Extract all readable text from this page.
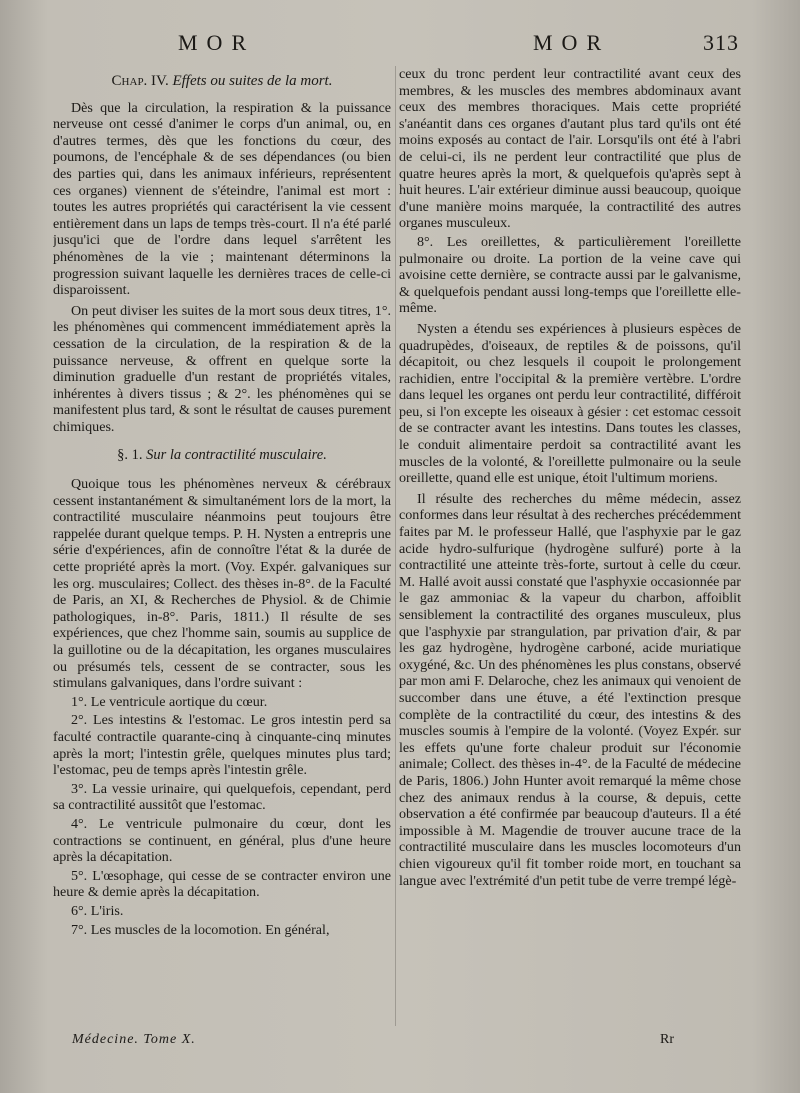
MOR	MOR	313
Chap. IV. Effets ou suites de la mort.

Dès que la circulation, la respiration & la puissance nerveuse ont cessé d'animer le corps d'un animal, ou, en d'autres termes, dès que les fonctions du cœur, des poumons, de l'encéphale & de ses dépendances (ou bien des parties qui, dans les animaux inférieurs, représentent ces organes) viennent de s'éteindre, l'animal est mort : toutes les autres propriétés qui caractérisent la vie cessent entièrement dans un laps de temps très-court. Il n'a été parlé jusqu'ici que de l'ordre dans lequel s'arrêtent les phénomènes de la vie ; maintenant déterminons la progression suivant laquelle les dernières traces de celle-ci disparoissent.

On peut diviser les suites de la mort sous deux titres, 1°. les phénomènes qui commencent immédiatement après la cessation de la circulation, de la respiration & de la puissance nerveuse, & offrent en quelque sorte la diminution graduelle d'un restant de propriétés vitales, inhérentes à divers tissus ; & 2°. les phénomènes qui se manifestent plus tard, & sont le résultat de causes purement chimiques.

§. 1. Sur la contractilité musculaire.

Quoique tous les phénomènes nerveux & cérébraux cessent instantanément & simultanément lors de la mort, la contractilité musculaire néanmoins peut toujours être rappelée durant quelque temps. P. H. Nysten a entrepris une série d'expériences, afin de connoître l'état & la durée de cette propriété après la mort. (Voy. Expér. galvaniques sur les org. musculaires; Collect. des thèses in-8°. de la Faculté de Paris, an XI, & Recherches de Physiol. & de Chimie pathologiques, in-8°. Paris, 1811.) Il résulte de ses expériences, que chez l'homme sain, soumis au supplice de la guillotine ou de la décapitation, les organes musculaires ou présumés tels, cessent de se contracter, sous les stimulans galvaniques, dans l'ordre suivant :

1°. Le ventricule aortique du cœur.

2°. Les intestins & l'estomac. Le gros intestin perd sa faculté contractile quarante-cinq à cinquante-cinq minutes après la mort; l'intestin grêle, quelques minutes plus tard; l'estomac, peu de temps après l'intestin grêle.

3°. La vessie urinaire, qui quelquefois, cependant, perd sa contractilité aussitôt que l'estomac.

4°. Le ventricule pulmonaire du cœur, dont les contractions se continuent, en général, plus d'une heure après la décapitation.

5°. L'œsophage, qui cesse de se contracter environ une heure & demie après la décapitation.

6°. L'iris.

7°. Les muscles de la locomotion. En général,

ceux du tronc perdent leur contractilité avant ceux des membres, & les muscles des membres abdominaux avant ceux des membres thoraciques. Mais cette propriété s'anéantit dans ces organes d'autant plus tard qu'ils ont été moins exposés au contact de l'air. Lorsqu'ils ont été à l'abri de celui-ci, ils ne perdent leur contractilité que plus de quatre heures après la mort, & quelquefois qu'après sept à huit heures. L'air extérieur diminue aussi beaucoup, quoique d'une manière moins marquée, la contractilité des autres organes musculeux.

8°. Les oreillettes, & particulièrement l'oreillette pulmonaire ou droite. La portion de la veine cave qui avoisine cette dernière, se contracte aussi par le galvanisme, & quelquefois pendant aussi long-temps que l'oreillette elle-même.

Nysten a étendu ses expériences à plusieurs espèces de quadrupèdes, d'oiseaux, de reptiles & de poissons, qu'il décapitoit, ou chez lesquels il coupoit le prolongement rachidien, entre l'occipital & la première vertèbre. L'ordre dans lequel les organes ont perdu leur contractilité, différoit peu, si l'on excepte les oiseaux à gésier : cet estomac cessoit de se contracter avant les intestins. Dans toutes les classes, le conduit alimentaire perdoit sa contractilité avant les muscles de la volonté, & l'oreillette pulmonaire ou la seule oreillette, quand elle est unique, étoit l'ultimum moriens.

Il résulte des recherches du même médecin, assez conformes dans leur résultat à des recherches précédemment faites par M. le professeur Hallé, que l'asphyxie par le gaz acide hydro-sulfurique (hydrogène sulfuré) porte à la contractilité une atteinte très-forte, surtout à celle du cœur. M. Hallé avoit aussi constaté que l'asphyxie occasionnée par le gaz ammoniac & la vapeur du charbon, affoiblit sensiblement la contractilité des organes musculeux, plus que l'asphyxie par strangulation, par privation d'air, & par les gaz hydrogène, hydrogène carboné, acide muriatique oxygéné, &c. Un des phénomènes les plus constans, observé par mon ami F. Delaroche, chez les animaux qui venoient de succomber dans une étuve, a été l'extinction presque complète de la contractilité du cœur, des intestins & des muscles soumis à l'empire de la volonté. (Voyez Expér. sur les effets qu'une forte chaleur produit sur l'économie animale; Collect. des thèses in-4°. de la Faculté de médecine de Paris, 1806.) John Hunter avoit remarqué la même chose chez des animaux rendus à la course, & depuis, cette observation a été confirmée par beaucoup d'auteurs. Il a été impossible à M. Magendie de trouver aucune trace de la contractilité musculaire dans les muscles locomoteurs d'un chien vigoureux qu'il fit tomber roide mort, en touchant sa langue avec l'extrémité d'un petit tube de verre trempé légè-

Médecine. Tome X.	Rr
